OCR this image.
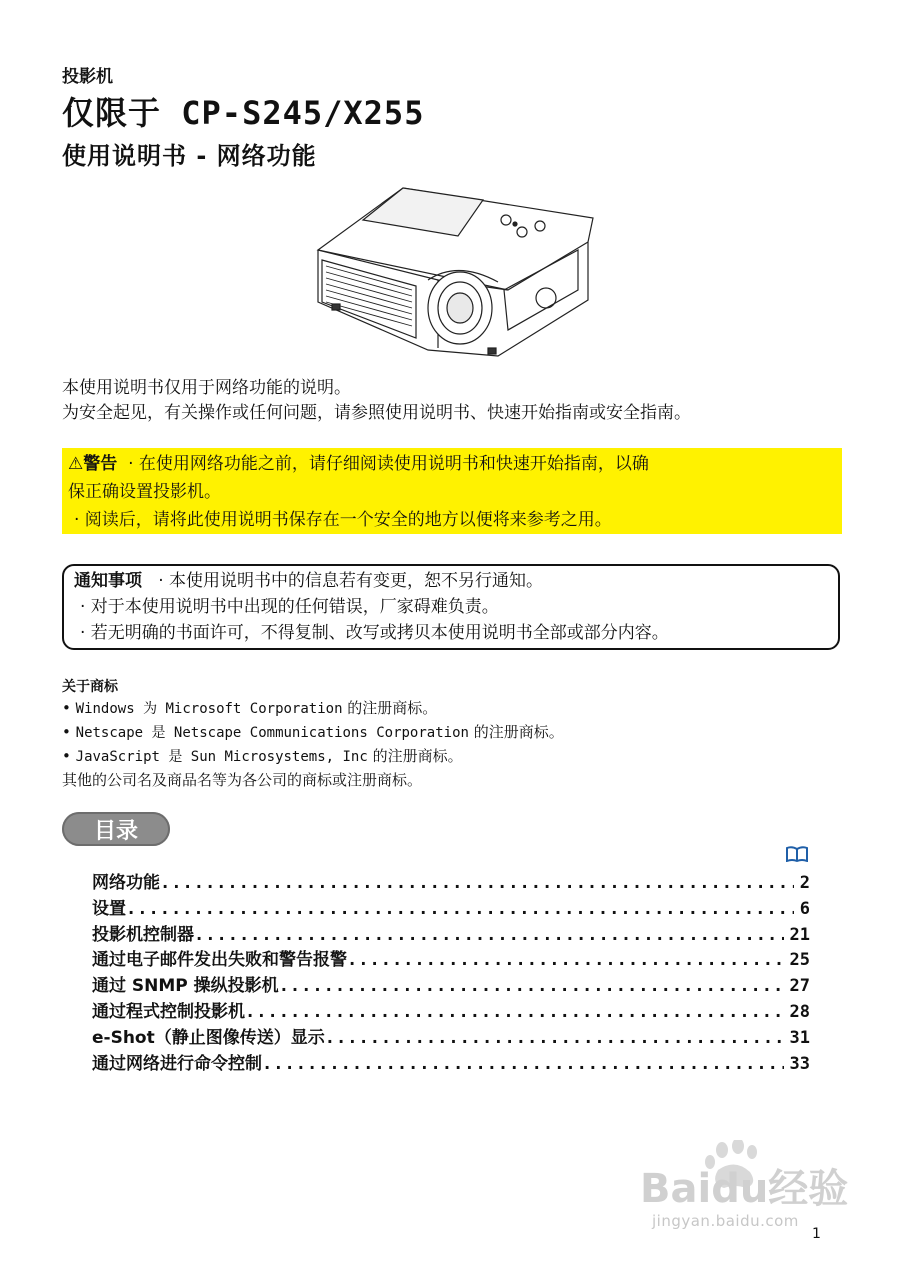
投影机
仅限于 CP-S245/X255
使用说明书 - 网络功能
本使用说明书仅用于网络功能的说明。
为安全起见，有关操作或任何问题，请参照使用说明书、快速开始指南或安全指南。
⚠警告 · 在使用网络功能之前，请仔细阅读使用说明书和快速开始指南，以确
保正确设置投影机。
· 阅读后，请将此使用说明书保存在一个安全的地方以便将来参考之用。
通知事项 · 本使用说明书中的信息若有变更，恕不另行通知。
· 对于本使用说明书中出现的任何错误，厂家碍难负责。
· 若无明确的书面许可，不得复制、改写或拷贝本使用说明书全部或部分内容。
关于商标
• Windows 为 Microsoft Corporation 的注册商标。
• Netscape 是 Netscape Communications Corporation 的注册商标。
• JavaScript 是 Sun Microsystems, Inc 的注册商标。
其他的公司名及商品名等为各公司的商标或注册商标。
目录
网络功能 .....	2
设置 .....	6
投影机控制器 .....	21
通过电子邮件发出失败和警告报警 .....	25
通过 SNMP 操纵投影机 .....	27
通过程式控制投影机 .....	28
e-Shot（静止图像传送）显示 .....	31
通过网络进行命令控制 .....	33
Baidu经验
jingyan.baidu.com
1
